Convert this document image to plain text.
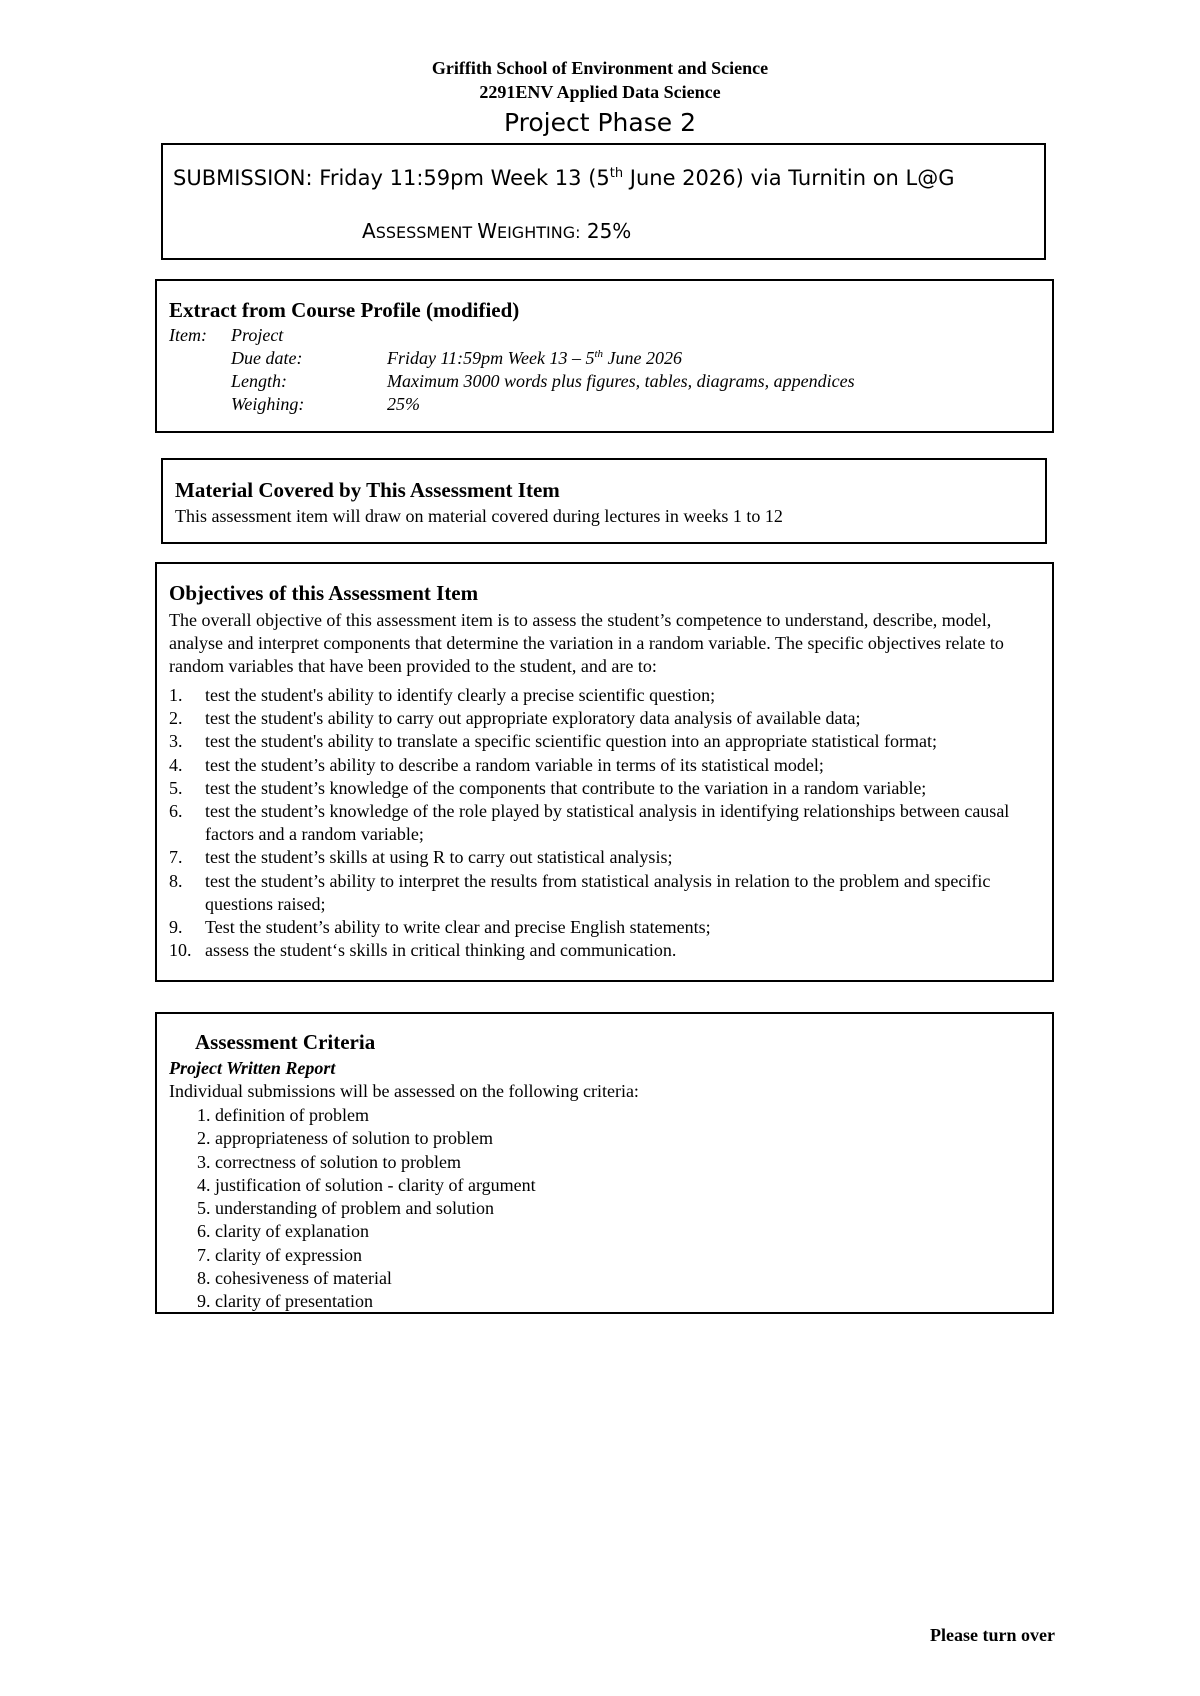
Griffith School of Environment and Science
2291ENV Applied Data Science
Project Phase 2
SUBMISSION: Friday 11:59pm Week 13 (5th June 2026) via Turnitin on L@G
ASSESSMENT WEIGHTING: 25%
Extract from Course Profile (modified)
Item: Project
Due date:	Friday 11:59pm Week 13 – 5th June 2026
Length:	Maximum 3000 words plus figures, tables, diagrams, appendices
Weighing:	25%
Material Covered by This Assessment Item
This assessment item will draw on material covered during lectures in weeks 1 to 12
Objectives of this Assessment Item
The overall objective of this assessment item is to assess the student’s competence to understand, describe, model, analyse and interpret components that determine the variation in a random variable. The specific objectives relate to random variables that have been provided to the student, and are to:
1.	test the student's ability to identify clearly a precise scientific question;
2.	test the student's ability to carry out appropriate exploratory data analysis of available data;
3.	test the student's ability to translate a specific scientific question into an appropriate statistical format;
4.	test the student’s ability to describe a random variable in terms of its statistical model;
5.	test the student’s knowledge of the components that contribute to the variation in a random variable;
6.	test the student’s knowledge of the role played by statistical analysis in identifying relationships between causal factors and a random variable;
7.	test the student’s skills at using R to carry out statistical analysis;
8.	test the student’s ability to interpret the results from statistical analysis in relation to the problem and specific questions raised;
9.	Test the student’s ability to write clear and precise English statements;
10. assess the student‘s skills in critical thinking and communication.
Assessment Criteria
Project Written Report
Individual submissions will be assessed on the following criteria:
1. definition of problem
2. appropriateness of solution to problem
3. correctness of solution to problem
4. justification of solution - clarity of argument
5. understanding of problem and solution
6. clarity of explanation
7. clarity of expression
8. cohesiveness of material
9. clarity of presentation
Please turn over
